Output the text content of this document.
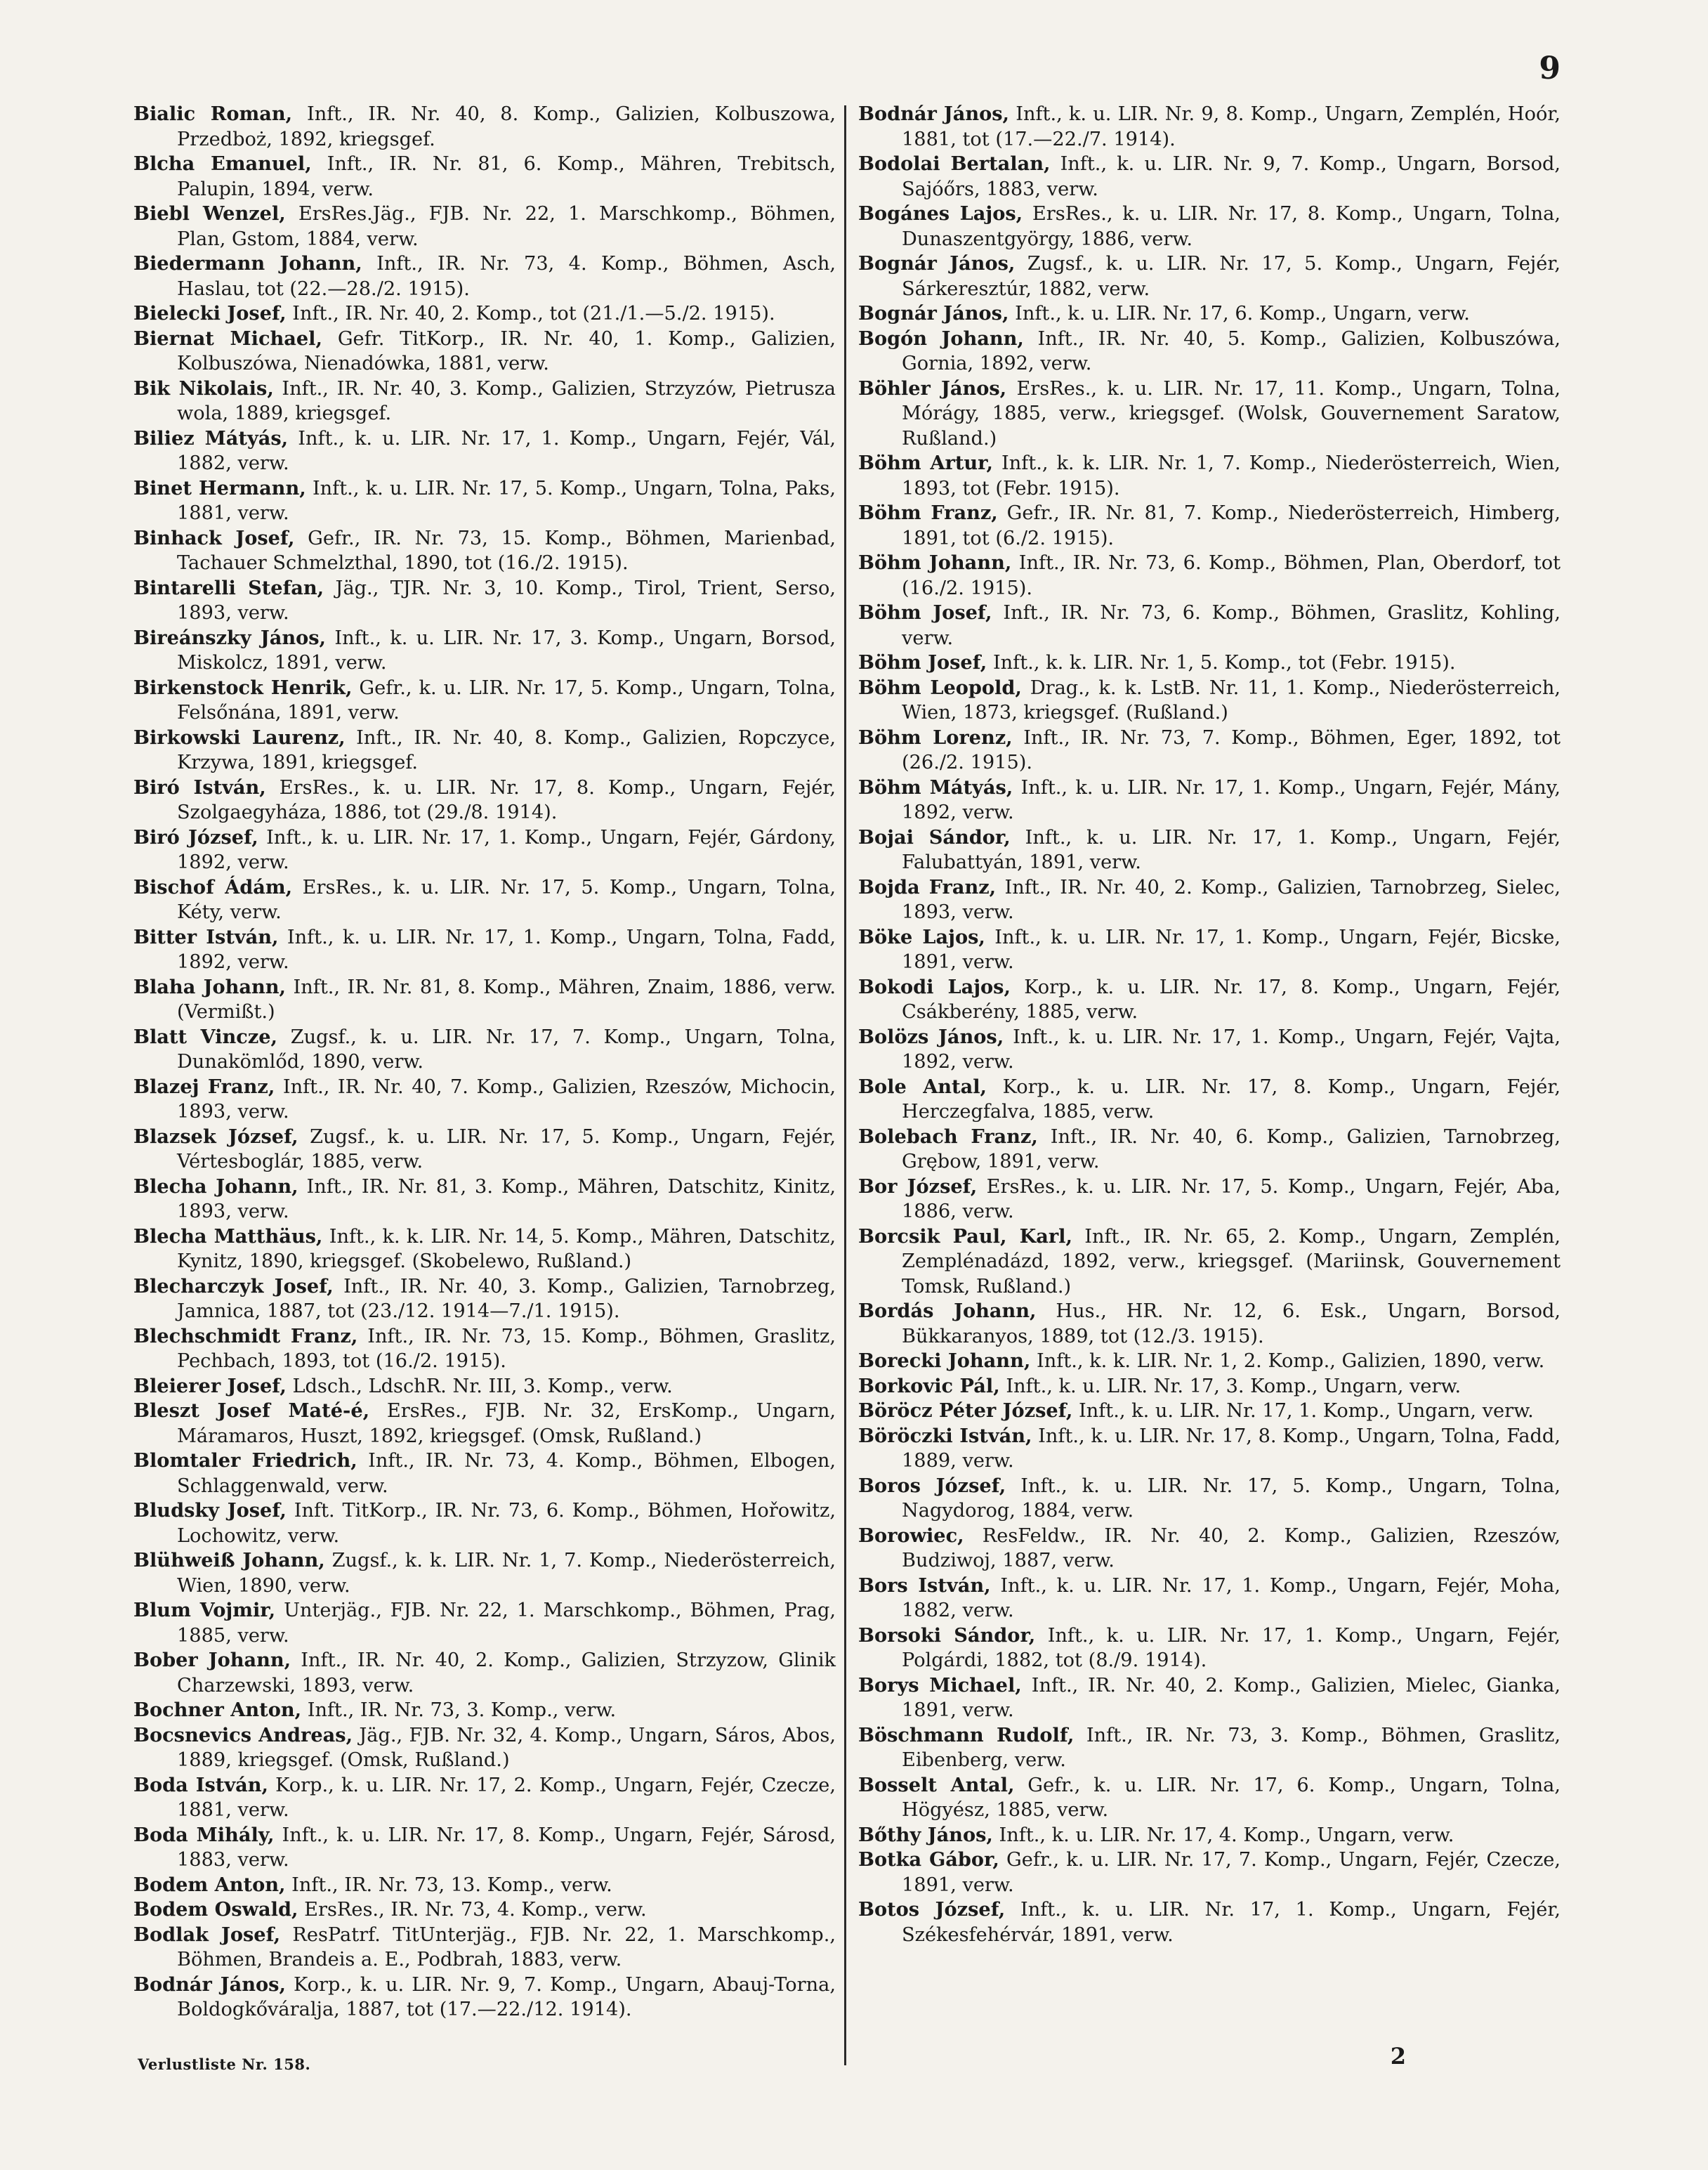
9

Bialic Roman, Inft., IR. Nr. 40, 8. Komp., Galizien, Kolbuszowa, Przedboż, 1892, kriegsgef.

Blcha Emanuel, Inft., IR. Nr. 81, 6. Komp., Mähren, Trebitsch, Palupin, 1894, verw.

Biebl Wenzel, ErsRes.Jäg., FJB. Nr. 22, 1. Marschkomp., Böhmen, Plan, Gstom, 1884, verw.

Biedermann Johann, Inft., IR. Nr. 73, 4. Komp., Böhmen, Asch, Haslau, tot (22.—28./2. 1915).

Bielecki Josef, Inft., IR. Nr. 40, 2. Komp., tot (21./1.—5./2. 1915).

Biernat Michael, Gefr. TitKorp., IR. Nr. 40, 1. Komp., Galizien, Kolbuszówa, Nienadówka, 1881, verw.

Bik Nikolais, Inft., IR. Nr. 40, 3. Komp., Galizien, Strzyzów, Pietrusza wola, 1889, kriegsgef.

Biliez Mátyás, Inft., k. u. LIR. Nr. 17, 1. Komp., Ungarn, Fejér, Vál, 1882, verw.

Binet Hermann, Inft., k. u. LIR. Nr. 17, 5. Komp., Ungarn, Tolna, Paks, 1881, verw.

Binhack Josef, Gefr., IR. Nr. 73, 15. Komp., Böhmen, Marienbad, Tachauer Schmelzthal, 1890, tot (16./2. 1915).

Bintarelli Stefan, Jäg., TJR. Nr. 3, 10. Komp., Tirol, Trient, Serso, 1893, verw.

Bireánszky János, Inft., k. u. LIR. Nr. 17, 3. Komp., Ungarn, Borsod, Miskolcz, 1891, verw.

Birkenstock Henrik, Gefr., k. u. LIR. Nr. 17, 5. Komp., Ungarn, Tolna, Felsőnána, 1891, verw.

Birkowski Laurenz, Inft., IR. Nr. 40, 8. Komp., Galizien, Ropczyce, Krzywa, 1891, kriegsgef.

Biró István, ErsRes., k. u. LIR. Nr. 17, 8. Komp., Ungarn, Fejér, Szolgaegyháza, 1886, tot (29./8. 1914).

Biró József, Inft., k. u. LIR. Nr. 17, 1. Komp., Ungarn, Fejér, Gárdony, 1892, verw.

Bischof Ádám, ErsRes., k. u. LIR. Nr. 17, 5. Komp., Ungarn, Tolna, Kéty, verw.

Bitter István, Inft., k. u. LIR. Nr. 17, 1. Komp., Ungarn, Tolna, Fadd, 1892, verw.

Blaha Johann, Inft., IR. Nr. 81, 8. Komp., Mähren, Znaim, 1886, verw. (Vermißt.)

Blatt Vincze, Zugsf., k. u. LIR. Nr. 17, 7. Komp., Ungarn, Tolna, Dunakömlőd, 1890, verw.

Blazej Franz, Inft., IR. Nr. 40, 7. Komp., Galizien, Rzeszów, Michocin, 1893, verw.

Blazsek József, Zugsf., k. u. LIR. Nr. 17, 5. Komp., Ungarn, Fejér, Vértesboglár, 1885, verw.

Blecha Johann, Inft., IR. Nr. 81, 3. Komp., Mähren, Datschitz, Kinitz, 1893, verw.

Blecha Matthäus, Inft., k. k. LIR. Nr. 14, 5. Komp., Mähren, Datschitz, Kynitz, 1890, kriegsgef. (Skobelewo, Rußland.)

Blecharczyk Josef, Inft., IR. Nr. 40, 3. Komp., Galizien, Tarnobrzeg, Jamnica, 1887, tot (23./12. 1914—7./1. 1915).

Blechschmidt Franz, Inft., IR. Nr. 73, 15. Komp., Böhmen, Graslitz, Pechbach, 1893, tot (16./2. 1915).

Bleierer Josef, Ldsch., LdschR. Nr. III, 3. Komp., verw.

Bleszt Josef Maté-é, ErsRes., FJB. Nr. 32, ErsKomp., Ungarn, Máramaros, Huszt, 1892, kriegsgef. (Omsk, Rußland.)

Blomtaler Friedrich, Inft., IR. Nr. 73, 4. Komp., Böhmen, Elbogen, Schlaggenwald, verw.

Bludsky Josef, Inft. TitKorp., IR. Nr. 73, 6. Komp., Böhmen, Hořowitz, Lochowitz, verw.

Blühweiß Johann, Zugsf., k. k. LIR. Nr. 1, 7. Komp., Niederösterreich, Wien, 1890, verw.

Blum Vojmir, Unterjäg., FJB. Nr. 22, 1. Marschkomp., Böhmen, Prag, 1885, verw.

Bober Johann, Inft., IR. Nr. 40, 2. Komp., Galizien, Strzyzow, Glinik Charzewski, 1893, verw.

Bochner Anton, Inft., IR. Nr. 73, 3. Komp., verw.

Bocsnevics Andreas, Jäg., FJB. Nr. 32, 4. Komp., Ungarn, Sáros, Abos, 1889, kriegsgef. (Omsk, Rußland.)

Boda István, Korp., k. u. LIR. Nr. 17, 2. Komp., Ungarn, Fejér, Czecze, 1881, verw.

Boda Mihály, Inft., k. u. LIR. Nr. 17, 8. Komp., Ungarn, Fejér, Sárosd, 1883, verw.

Bodem Anton, Inft., IR. Nr. 73, 13. Komp., verw.

Bodem Oswald, ErsRes., IR. Nr. 73, 4. Komp., verw.

Bodlak Josef, ResPatrf. TitUnterjäg., FJB. Nr. 22, 1. Marschkomp., Böhmen, Brandeis a. E., Podbrah, 1883, verw.

Bodnár János, Korp., k. u. LIR. Nr. 9, 7. Komp., Ungarn, Abauj-Torna, Boldogkőváralja, 1887, tot (17.—22./12. 1914).

Bodnár János, Inft., k. u. LIR. Nr. 9, 8. Komp., Ungarn, Zemplén, Hoór, 1881, tot (17.—22./7. 1914).

Bodolai Bertalan, Inft., k. u. LIR. Nr. 9, 7. Komp., Ungarn, Borsod, Sajóőrs, 1883, verw.

Bogánes Lajos, ErsRes., k. u. LIR. Nr. 17, 8. Komp., Ungarn, Tolna, Dunaszentgyörgy, 1886, verw.

Bognár János, Zugsf., k. u. LIR. Nr. 17, 5. Komp., Ungarn, Fejér, Sárkeresztúr, 1882, verw.

Bognár János, Inft., k. u. LIR. Nr. 17, 6. Komp., Ungarn, verw.

Bogón Johann, Inft., IR. Nr. 40, 5. Komp., Galizien, Kolbuszówa, Gornia, 1892, verw.

Böhler János, ErsRes., k. u. LIR. Nr. 17, 11. Komp., Ungarn, Tolna, Mórágy, 1885, verw., kriegsgef. (Wolsk, Gouvernement Saratow, Rußland.)

Böhm Artur, Inft., k. k. LIR. Nr. 1, 7. Komp., Niederösterreich, Wien, 1893, tot (Febr. 1915).

Böhm Franz, Gefr., IR. Nr. 81, 7. Komp., Niederösterreich, Himberg, 1891, tot (6./2. 1915).

Böhm Johann, Inft., IR. Nr. 73, 6. Komp., Böhmen, Plan, Oberdorf, tot (16./2. 1915).

Böhm Josef, Inft., IR. Nr. 73, 6. Komp., Böhmen, Graslitz, Kohling, verw.

Böhm Josef, Inft., k. k. LIR. Nr. 1, 5. Komp., tot (Febr. 1915).

Böhm Leopold, Drag., k. k. LstB. Nr. 11, 1. Komp., Niederösterreich, Wien, 1873, kriegsgef. (Rußland.)

Böhm Lorenz, Inft., IR. Nr. 73, 7. Komp., Böhmen, Eger, 1892, tot (26./2. 1915).

Böhm Mátyás, Inft., k. u. LIR. Nr. 17, 1. Komp., Ungarn, Fejér, Mány, 1892, verw.

Bojai Sándor, Inft., k. u. LIR. Nr. 17, 1. Komp., Ungarn, Fejér, Falubattyán, 1891, verw.

Bojda Franz, Inft., IR. Nr. 40, 2. Komp., Galizien, Tarnobrzeg, Sielec, 1893, verw.

Böke Lajos, Inft., k. u. LIR. Nr. 17, 1. Komp., Ungarn, Fejér, Bicske, 1891, verw.

Bokodi Lajos, Korp., k. u. LIR. Nr. 17, 8. Komp., Ungarn, Fejér, Csákberény, 1885, verw.

Bolözs János, Inft., k. u. LIR. Nr. 17, 1. Komp., Ungarn, Fejér, Vajta, 1892, verw.

Bole Antal, Korp., k. u. LIR. Nr. 17, 8. Komp., Ungarn, Fejér, Herczegfalva, 1885, verw.

Bolebach Franz, Inft., IR. Nr. 40, 6. Komp., Galizien, Tarnobrzeg, Grębow, 1891, verw.

Bor József, ErsRes., k. u. LIR. Nr. 17, 5. Komp., Ungarn, Fejér, Aba, 1886, verw.

Borcsik Paul, Karl, Inft., IR. Nr. 65, 2. Komp., Ungarn, Zemplén, Zemplénadázd, 1892, verw., kriegsgef. (Mariinsk, Gouvernement Tomsk, Rußland.)

Bordás Johann, Hus., HR. Nr. 12, 6. Esk., Ungarn, Borsod, Bükkaranyos, 1889, tot (12./3. 1915).

Borecki Johann, Inft., k. k. LIR. Nr. 1, 2. Komp., Galizien, 1890, verw.

Borkovic Pál, Inft., k. u. LIR. Nr. 17, 3. Komp., Ungarn, verw.

Böröcz Péter József, Inft., k. u. LIR. Nr. 17, 1. Komp., Ungarn, verw.

Böröczki István, Inft., k. u. LIR. Nr. 17, 8. Komp., Ungarn, Tolna, Fadd, 1889, verw.

Boros József, Inft., k. u. LIR. Nr. 17, 5. Komp., Ungarn, Tolna, Nagydorog, 1884, verw.

Borowiec, ResFeldw., IR. Nr. 40, 2. Komp., Galizien, Rzeszów, Budziwoj, 1887, verw.

Bors István, Inft., k. u. LIR. Nr. 17, 1. Komp., Ungarn, Fejér, Moha, 1882, verw.

Borsoki Sándor, Inft., k. u. LIR. Nr. 17, 1. Komp., Ungarn, Fejér, Polgárdi, 1882, tot (8./9. 1914).

Borys Michael, Inft., IR. Nr. 40, 2. Komp., Galizien, Mielec, Gianka, 1891, verw.

Böschmann Rudolf, Inft., IR. Nr. 73, 3. Komp., Böhmen, Graslitz, Eibenberg, verw.

Bosselt Antal, Gefr., k. u. LIR. Nr. 17, 6. Komp., Ungarn, Tolna, Högyész, 1885, verw.

Bőthy János, Inft., k. u. LIR. Nr. 17, 4. Komp., Ungarn, verw.

Botka Gábor, Gefr., k. u. LIR. Nr. 17, 7. Komp., Ungarn, Fejér, Czecze, 1891, verw.

Botos József, Inft., k. u. LIR. Nr. 17, 1. Komp., Ungarn, Fejér, Székesfehérvár, 1891, verw.

Verlustliste Nr. 158.	2
